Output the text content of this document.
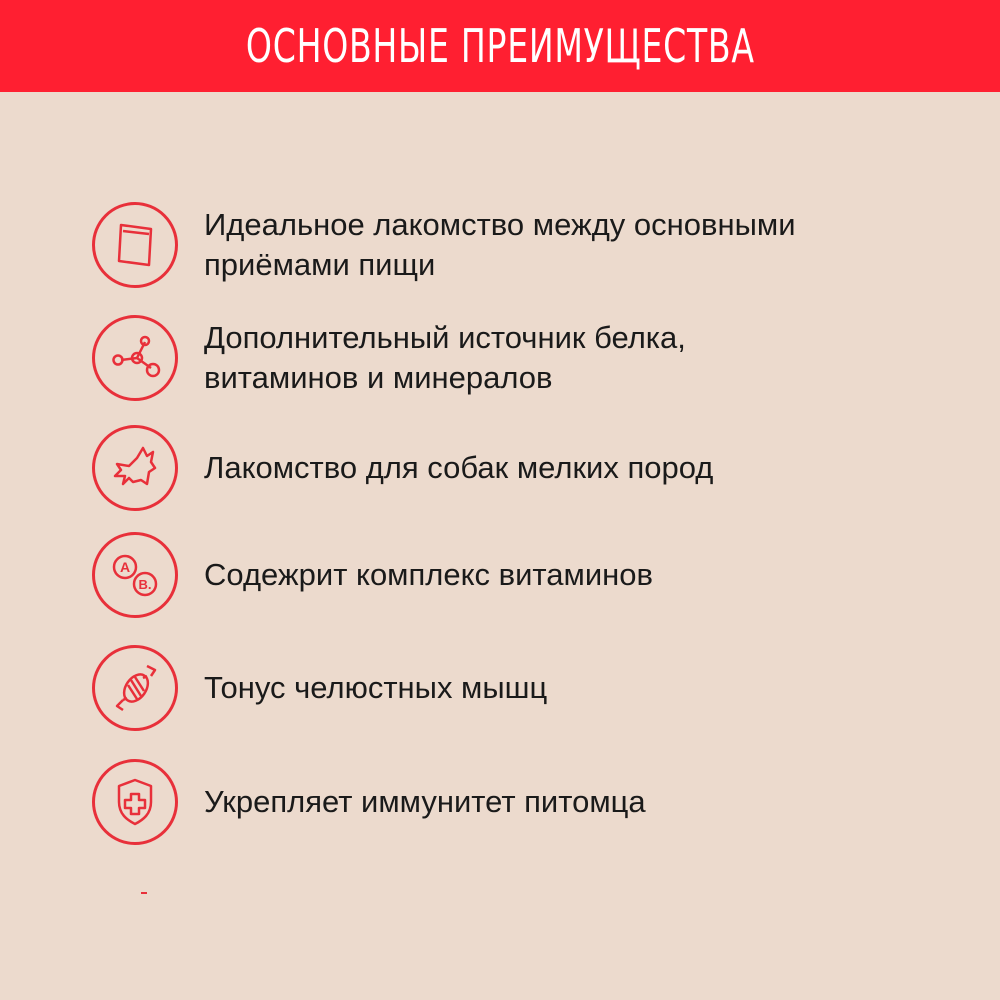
ОСНОВНЫЕ ПРЕИМУЩЕСТВА
Идеальное лакомство между основными
приёмами пищи
Дополнительный источник белка,
витаминов и минералов
Лакомство для собак мелких пород
A
B. Содежрит комплекс витаминов
Тонус челюстных мышц
Укрепляет иммунитет питомца
